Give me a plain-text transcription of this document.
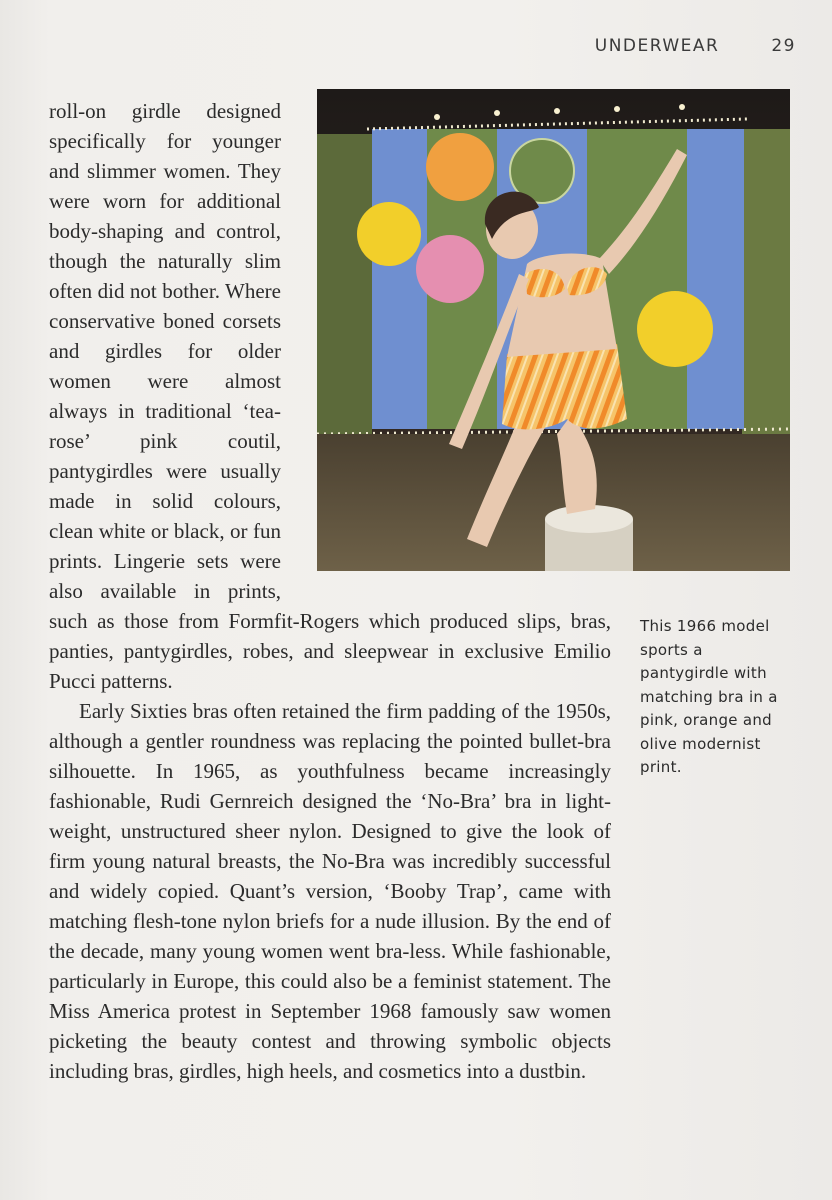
UNDERWEAR	29

roll-on girdle designed specifically for younger and slimmer women. They were worn for additional body-shaping and control, though the naturally slim often did not bother. Where conservative boned corsets and girdles for older women were almost always in traditional ‘tea-rose’ pink coutil, pantygirdles were usually made in solid colours, clean white or black, or fun prints. Lingerie sets were also available in prints, such as those from Formfit-Rogers which produced slips, bras, panties, pantygirdles, robes, and sleepwear in exclusive Emilio Pucci patterns.

Early Sixties bras often retained the firm padding of the 1950s, although a gentler roundness was replacing the pointed bullet-bra silhouette. In 1965, as youthfulness became increasingly fashionable, Rudi Gernreich designed the ‘No-Bra’ bra in light-weight, unstructured sheer nylon. Designed to give the look of firm young natural breasts, the No-Bra was incredibly successful and widely copied. Quant’s version, ‘Booby Trap’, came with matching flesh-tone nylon briefs for a nude illusion. By the end of the decade, many young women went bra-less. While fashionable, particularly in Europe, this could also be a feminist statement. The Miss America protest in September 1968 famously saw women picketing the beauty contest and throwing symbolic objects including bras, girdles, high heels, and cosmetics into a dustbin.

This 1966 model sports a pantygirdle with matching bra in a pink, orange and olive modernist print.
